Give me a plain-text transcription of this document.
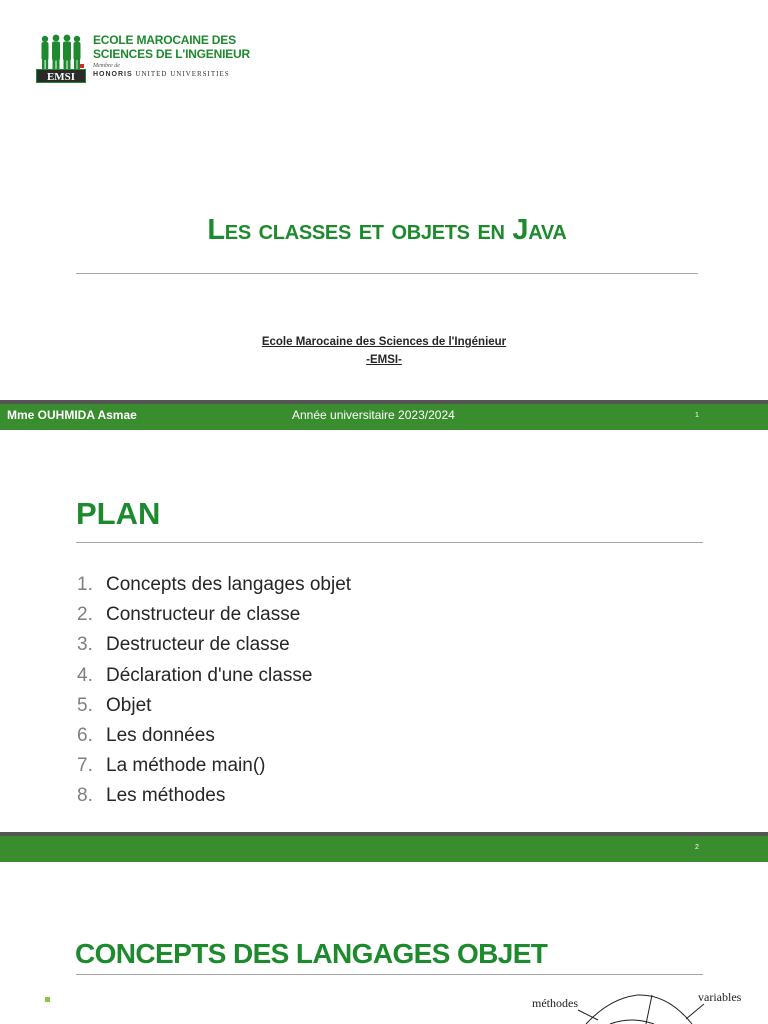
EMSI
ECOLE MAROCAINE DES
SCIENCES DE L'INGENIEUR
Membre de
HONORIS UNITED UNIVERSITIES
Les classes et objets en Java
Ecole Marocaine des Sciences de l'Ingénieur
-EMSI-
Mme OUHMIDA Asmae	Année universitaire 2023/2024	1
PLAN
1. Concepts des langages objet
2. Constructeur de classe
3. Destructeur de classe
4. Déclaration d'une classe
5. Objet
6. Les données
7. La méthode main()
8. Les méthodes
2
CONCEPTS DES LANGAGES OBJET
méthodes	variables
